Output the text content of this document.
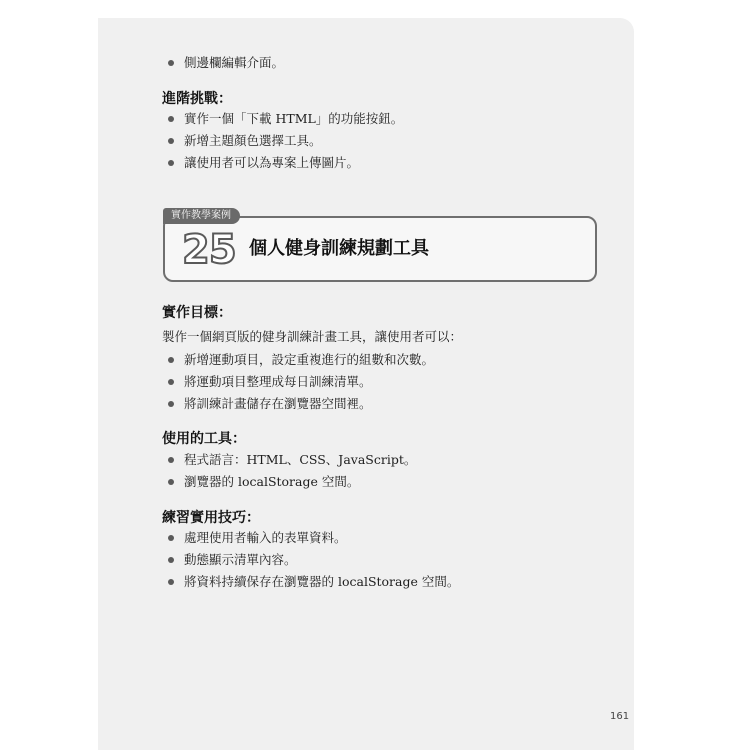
側邊欄編輯介面。
進階挑戰：
實作一個「下載 HTML」的功能按鈕。
新增主題顏色選擇工具。
讓使用者可以為專案上傳圖片。
實作教學案例
25 個人健身訓練規劃工具
實作目標：
製作一個網頁版的健身訓練計畫工具，讓使用者可以：
新增運動項目，設定重複進行的組數和次數。
將運動項目整理成每日訓練清單。
將訓練計畫儲存在瀏覽器空間裡。
使用的工具：
程式語言：HTML、CSS、JavaScript。
瀏覽器的 localStorage 空間。
練習實用技巧：
處理使用者輸入的表單資料。
動態顯示清單內容。
將資料持續保存在瀏覽器的 localStorage 空間。
161
